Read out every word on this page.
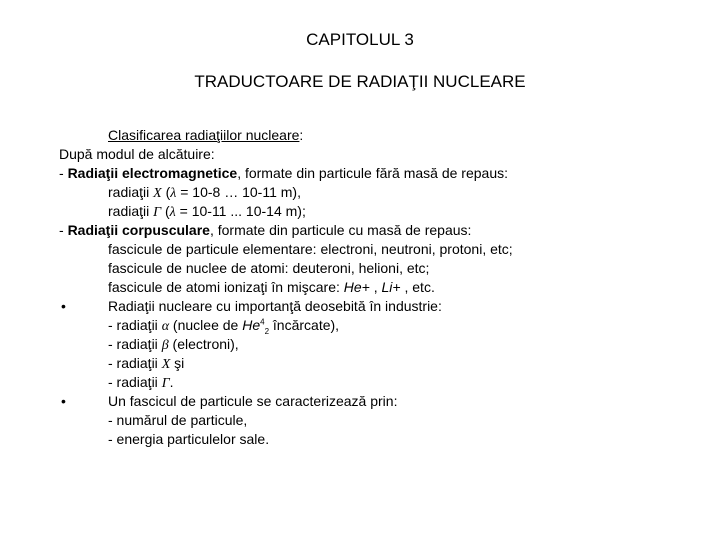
CAPITOLUL 3
TRADUCTOARE DE RADIAŢII NUCLEARE
Clasificarea radiaţiilor nucleare:
După modul de alcătuire:
- Radiaţii electromagnetice, formate din particule fără masă de repaus:
radiaţii X (λ = 10-8 … 10-11 m),
radiaţii Γ (λ = 10-11 ... 10-14 m);
- Radiaţii corpusculare, formate din particule cu masă de repaus:
fascicule de particule elementare: electroni, neutroni, protoni, etc;
fascicule de nuclee de atomi: deuteroni, helioni, etc;
fascicule de atomi ionizaţi în mişcare: He+ , Li+ , etc.
•	Radiaţii nucleare cu importanţă deosebită în industrie:
- radiaţii α (nuclee de $He^4_2$ încărcate),
- radiaţii β (electroni),
- radiaţii X şi
- radiaţii Γ.
•	Un fascicul de particule se caracterizează prin:
- numărul de particule,
- energia particulelor sale.
